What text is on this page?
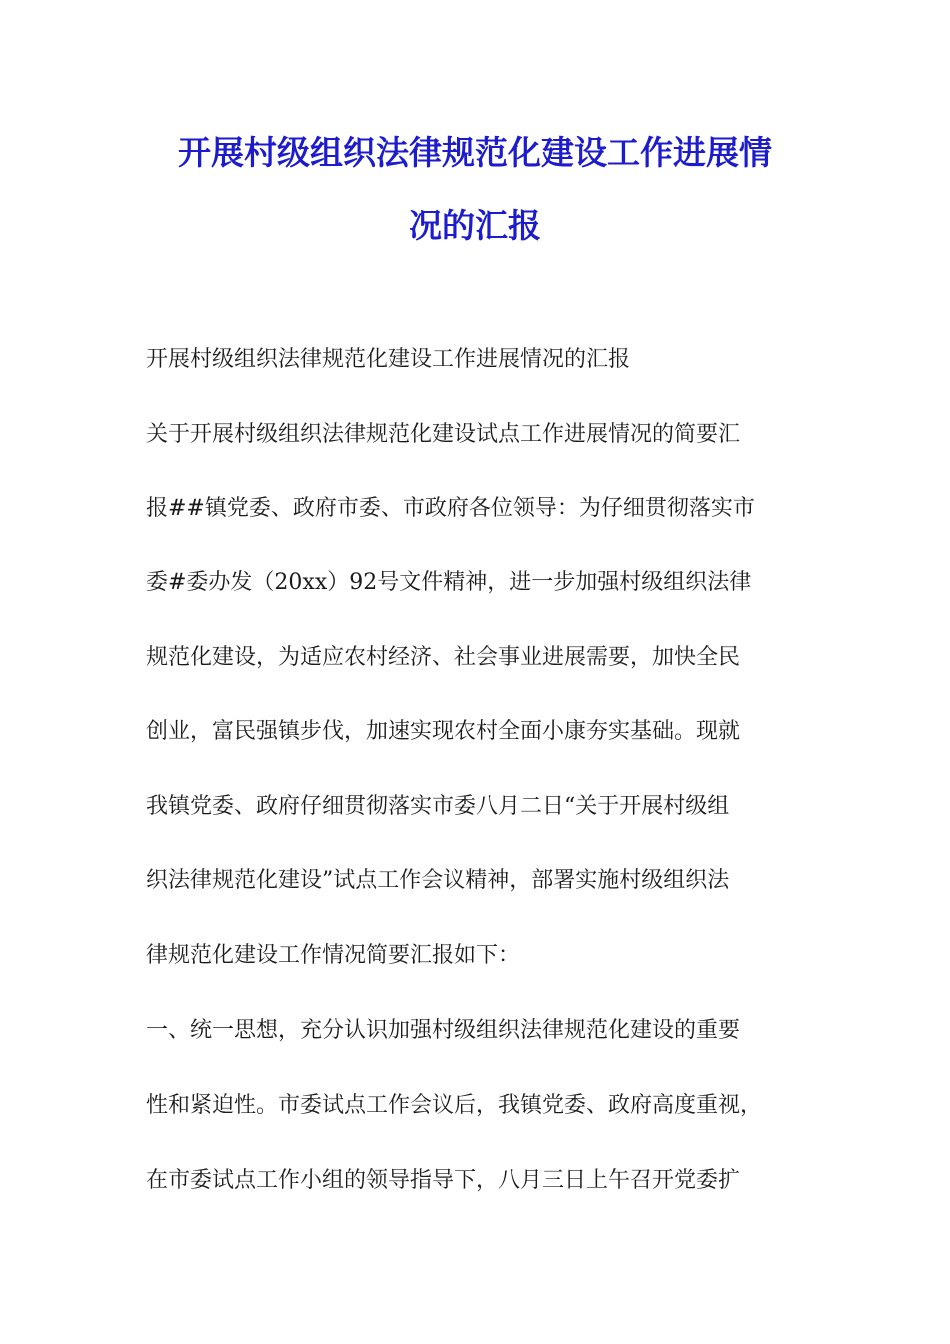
开展村级组织法律规范化建设工作进展情
况的汇报
开展村级组织法律规范化建设工作进展情况的汇报
关于开展村级组织法律规范化建设试点工作进展情况的简要汇
报##镇党委、政府市委、市政府各位领导：为仔细贯彻落实市
委#委办发（20xx）92号文件精神，进一步加强村级组织法律
规范化建设，为适应农村经济、社会事业进展需要，加快全民
创业，富民强镇步伐，加速实现农村全面小康夯实基础。现就
我镇党委、政府仔细贯彻落实市委八月二日“关于开展村级组
织法律规范化建设”试点工作会议精神，部署实施村级组织法
律规范化建设工作情况简要汇报如下：
一、统一思想，充分认识加强村级组织法律规范化建设的重要
性和紧迫性。市委试点工作会议后，我镇党委、政府高度重视，
在市委试点工作小组的领导指导下，八月三日上午召开党委扩
